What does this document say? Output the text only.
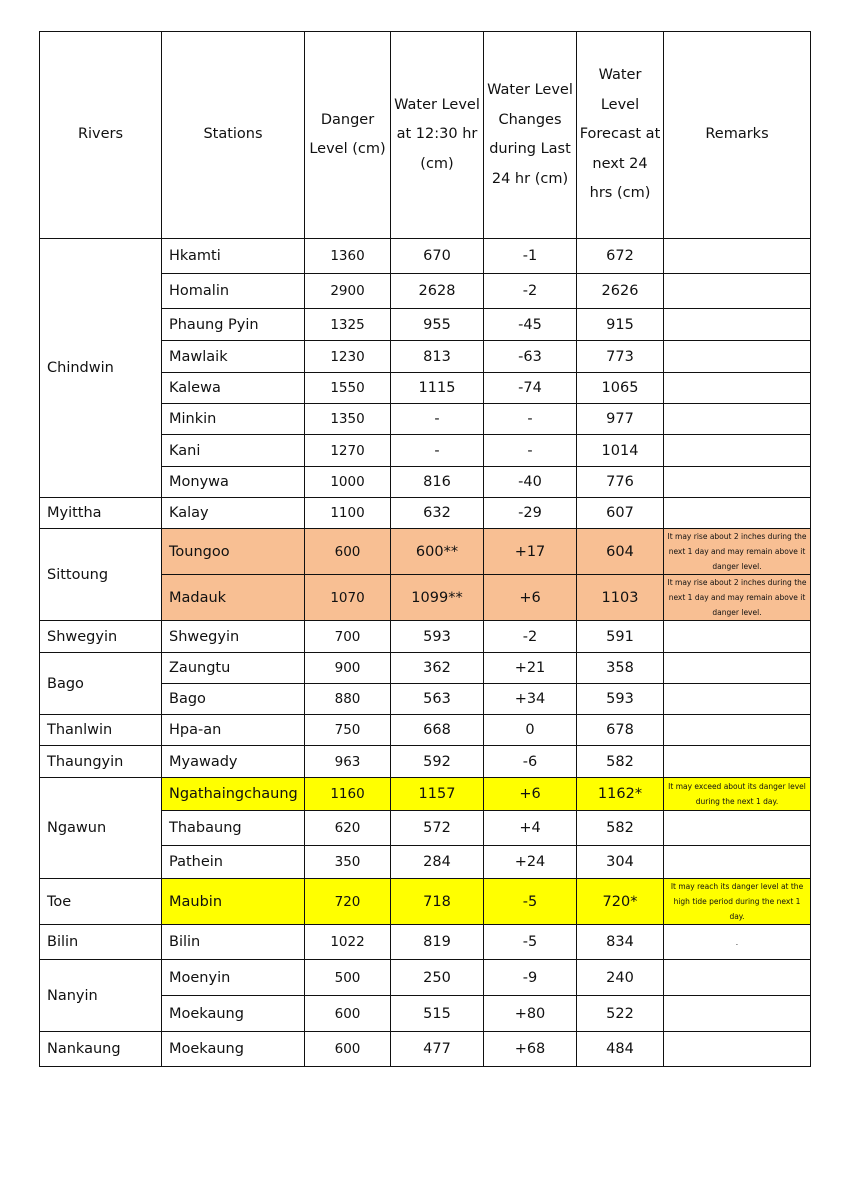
Rivers	Stations	Danger Level (cm)	Water Level at 12:30 hr (cm)	Water Level Changes during Last 24 hr (cm)	Water Level Forecast at next 24 hrs (cm)	Remarks

Chindwin	Hkamti	1360	670	-1	672	
	Homalin	2900	2628	-2	2626	
	Phaung Pyin	1325	955	-45	915	
	Mawlaik	1230	813	-63	773	
	Kalewa	1550	1115	-74	1065	
	Minkin	1350	-	-	977	
	Kani	1270	-	-	1014	
	Monywa	1000	816	-40	776	
Myittha	Kalay	1100	632	-29	607	
Sittoung	Toungoo	600	600**	+17	604	It may rise about 2 inches during the next 1 day and may remain above it danger level.
	Madauk	1070	1099**	+6	1103	It may rise about 2 inches during the next 1 day and may remain above it danger level.
Shwegyin	Shwegyin	700	593	-2	591	
Bago	Zaungtu	900	362	+21	358	
	Bago	880	563	+34	593	
Thanlwin	Hpa-an	750	668	0	678	
Thaungyin	Myawady	963	592	-6	582	
Ngawun	Ngathaingchaung	1160	1157	+6	1162*	It may exceed about its danger level during the next 1 day.
	Thabaung	620	572	+4	582	
	Pathein	350	284	+24	304	
Toe	Maubin	720	718	-5	720*	It may reach its danger level at the high tide period during the next 1 day.
Bilin	Bilin	1022	819	-5	834	.
Nanyin	Moenyin	500	250	-9	240	
	Moekaung	600	515	+80	522	
Nankaung	Moekaung	600	477	+68	484	
